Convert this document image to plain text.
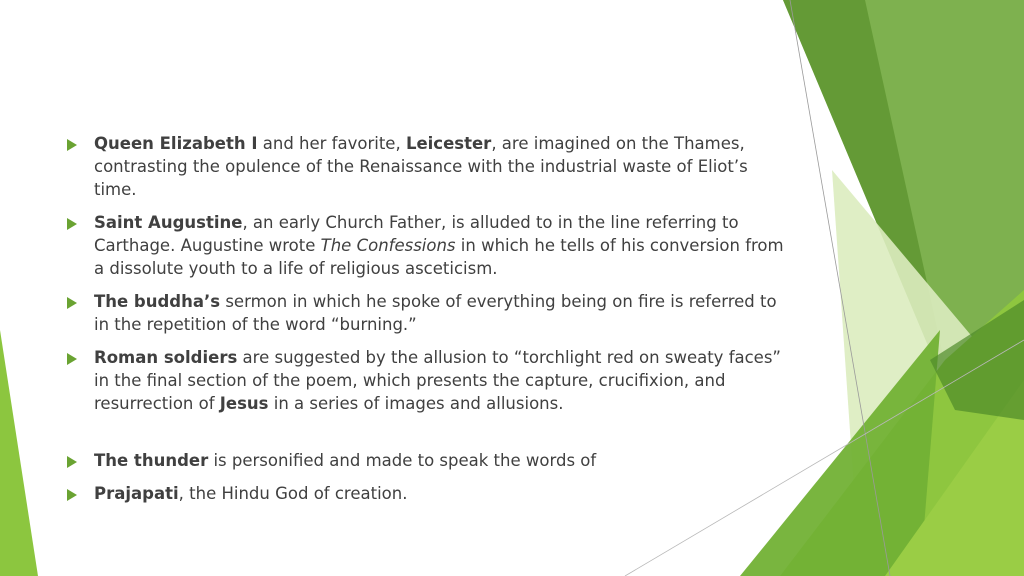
Queen Elizabeth I and her favorite, Leicester, are imagined on the Thames, contrasting the opulence of the Renaissance with the industrial waste of Eliot’s time.
Saint Augustine, an early Church Father, is alluded to in the line referring to Carthage. Augustine wrote The Confessions in which he tells of his conversion from a dissolute youth to a life of religious asceticism.
The buddha’s sermon in which he spoke of everything being on fire is referred to in the repetition of the word “burning.”
Roman soldiers are suggested by the allusion to “torchlight red on sweaty faces” in the final section of the poem, which presents the capture, crucifixion, and resurrection of Jesus in a series of images and allusions.
The thunder is personified and made to speak the words of
Prajapati, the Hindu God of creation.
